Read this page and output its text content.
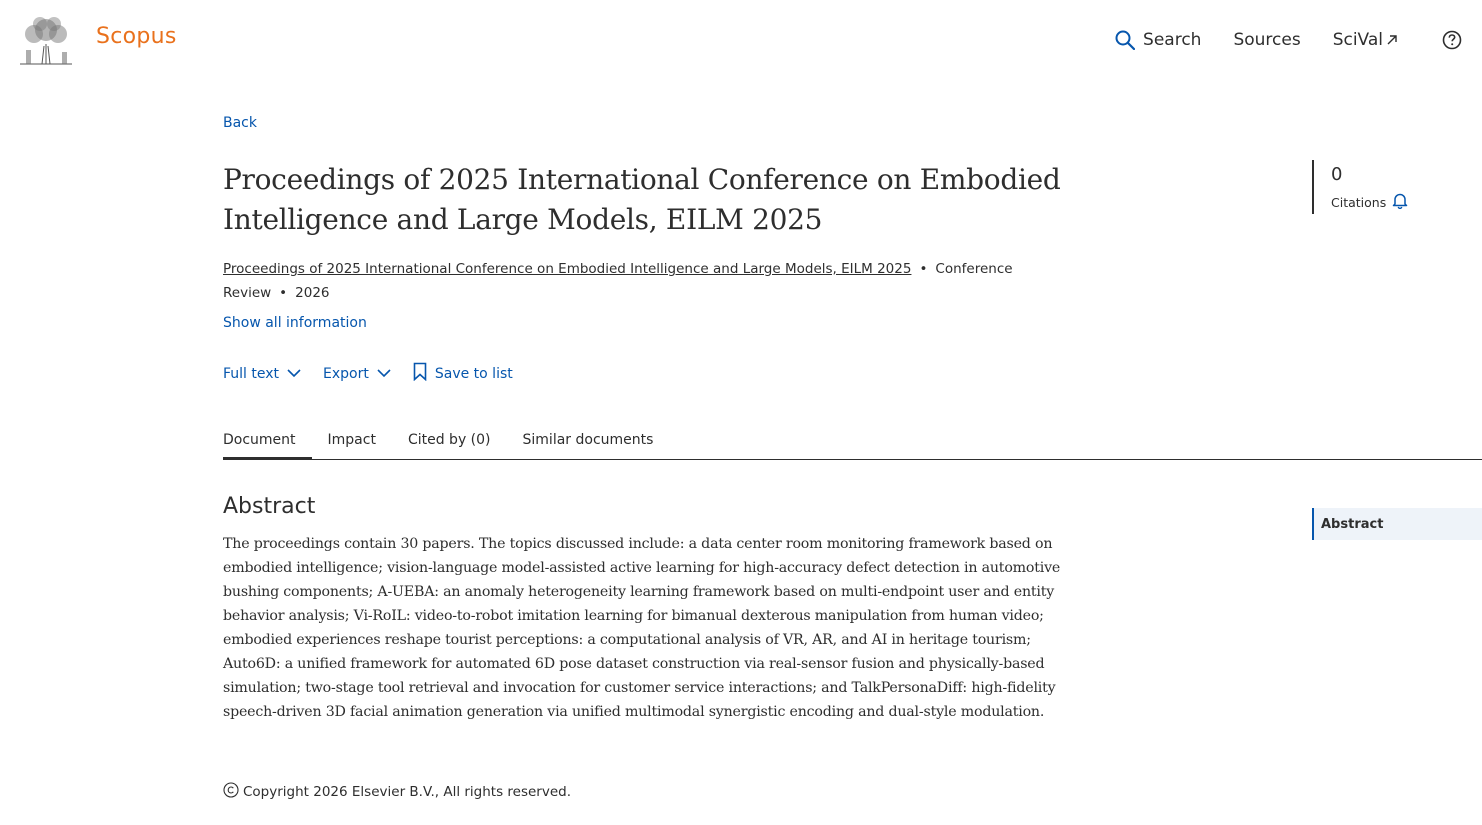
Scopus	Search Sources SciVal
Back
Proceedings of 2025 International Conference on Embodied Intelligence and Large Models, EILM 2025
Proceedings of 2025 International Conference on Embodied Intelligence and Large Models, EILM 2025 • Conference Review • 2026
Show all information
Full text	Export	Save to list
Document Impact Cited by (0) Similar documents
Abstract

The proceedings contain 30 papers. The topics discussed include: a data center room monitoring framework based on embodied intelligence; vision-language model-assisted active learning for high-accuracy defect detection in automotive bushing components; A-UEBA: an anomaly heterogeneity learning framework based on multi-endpoint user and entity behavior analysis; Vi-RoIL: video-to-robot imitation learning for bimanual dexterous manipulation from human video; embodied experiences reshape tourist perceptions: a computational analysis of VR, AR, and AI in heritage tourism; Auto6D: a unified framework for automated 6D pose dataset construction via real-sensor fusion and physically-based simulation; two-stage tool retrieval and invocation for customer service interactions; and TalkPersonaDiff: high-fidelity speech-driven 3D facial animation generation via unified multimodal synergistic encoding and dual-style modulation.

Copyright 2026 Elsevier B.V., All rights reserved.
0
Citations
Abstract
